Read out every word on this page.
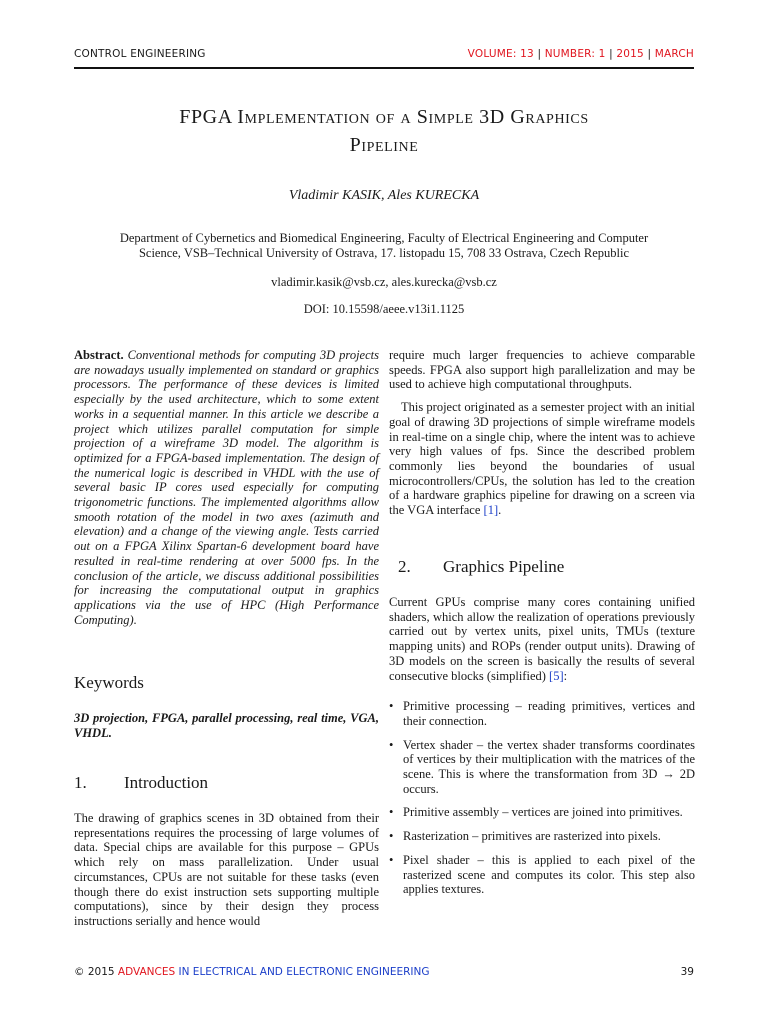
CONTROL ENGINEERING	VOLUME: 13 | NUMBER: 1 | 2015 | MARCH
FPGA Implementation of a Simple 3D Graphics
Pipeline
Vladimir KASIK, Ales KURECKA
Department of Cybernetics and Biomedical Engineering, Faculty of Electrical Engineering and Computer
Science, VSB–Technical University of Ostrava, 17. listopadu 15, 708 33 Ostrava, Czech Republic
vladimir.kasik@vsb.cz, ales.kurecka@vsb.cz
DOI: 10.15598/aeee.v13i1.1125
Abstract. Conventional methods for computing 3D projects are nowadays usually implemented on standard or graphics processors. The performance of these devices is limited especially by the used architecture, which to some extent works in a sequential manner. In this article we describe a project which utilizes parallel computation for simple projection of a wireframe 3D model. The algorithm is optimized for a FPGA-based implementation. The design of the numerical logic is described in VHDL with the use of several basic IP cores used especially for computing trigonometric functions. The implemented algorithms allow smooth rotation of the model in two axes (azimuth and elevation) and a change of the viewing angle. Tests carried out on a FPGA Xilinx Spartan-6 development board have resulted in real-time rendering at over 5000 fps. In the conclusion of the article, we discuss additional possibilities for increasing the computational output in graphics applications via the use of HPC (High Performance Computing).
Keywords
3D projection, FPGA, parallel processing, real time, VGA, VHDL.
1. Introduction

The drawing of graphics scenes in 3D obtained from their representations requires the processing of large volumes of data. Special chips are available for this purpose – GPUs which rely on mass parallelization. Under usual circumstances, CPUs are not suitable for these tasks (even though there do exist instruction sets supporting multiple computations), since by their design they process instructions serially and hence would

require much larger frequencies to achieve comparable speeds. FPGA also support high parallelization and may be used to achieve high computational throughputs.

This project originated as a semester project with an initial goal of drawing 3D projections of simple wireframe models in real-time on a single chip, where the intent was to achieve very high values of fps. Since the described problem commonly lies beyond the boundaries of usual microcontrollers/CPUs, the solution has led to the creation of a hardware graphics pipeline for drawing on a screen via the VGA interface [1].

2. Graphics Pipeline

Current GPUs comprise many cores containing unified shaders, which allow the realization of operations previously carried out by vertex units, pixel units, TMUs (texture mapping units) and ROPs (render output units). Drawing of 3D models on the screen is basically the results of several consecutive blocks (simplified) [5]:

• Primitive processing – reading primitives, vertices and their connection.
• Vertex shader – the vertex shader transforms coordinates of vertices by their multiplication with the matrices of the scene. This is where the transformation from 3D → 2D occurs.
• Primitive assembly – vertices are joined into primitives.
• Rasterization – primitives are rasterized into pixels.
• Pixel shader – this is applied to each pixel of the rasterized scene and computes its color. This step also applies textures.
© 2015 ADVANCES IN ELECTRICAL AND ELECTRONIC ENGINEERING	39
